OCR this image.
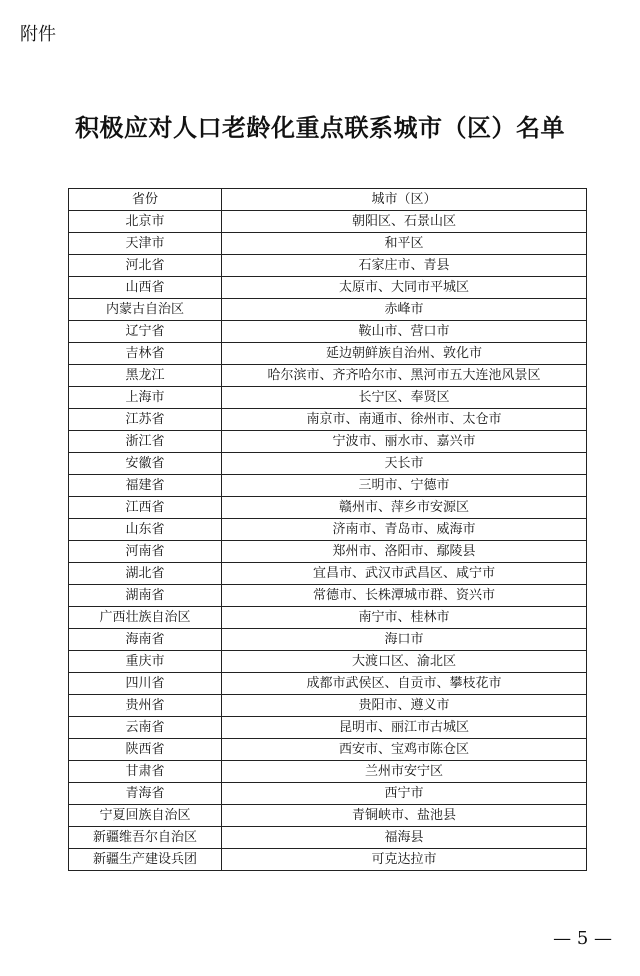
附件
积极应对人口老龄化重点联系城市（区）名单
省份	城市（区）
北京市	朝阳区、石景山区
天津市	和平区
河北省	石家庄市、青县
山西省	太原市、大同市平城区
内蒙古自治区	赤峰市
辽宁省	鞍山市、营口市
吉林省	延边朝鲜族自治州、敦化市
黑龙江	哈尔滨市、齐齐哈尔市、黑河市五大连池风景区
上海市	长宁区、奉贤区
江苏省	南京市、南通市、徐州市、太仓市
浙江省	宁波市、丽水市、嘉兴市
安徽省	天长市
福建省	三明市、宁德市
江西省	赣州市、萍乡市安源区
山东省	济南市、青岛市、威海市
河南省	郑州市、洛阳市、鄢陵县
湖北省	宜昌市、武汉市武昌区、咸宁市
湖南省	常德市、长株潭城市群、资兴市
广西壮族自治区	南宁市、桂林市
海南省	海口市
重庆市	大渡口区、渝北区
四川省	成都市武侯区、自贡市、攀枝花市
贵州省	贵阳市、遵义市
云南省	昆明市、丽江市古城区
陕西省	西安市、宝鸡市陈仓区
甘肃省	兰州市安宁区
青海省	西宁市
宁夏回族自治区	青铜峡市、盐池县
新疆维吾尔自治区	福海县
新疆生产建设兵团	可克达拉市
— 5 —
